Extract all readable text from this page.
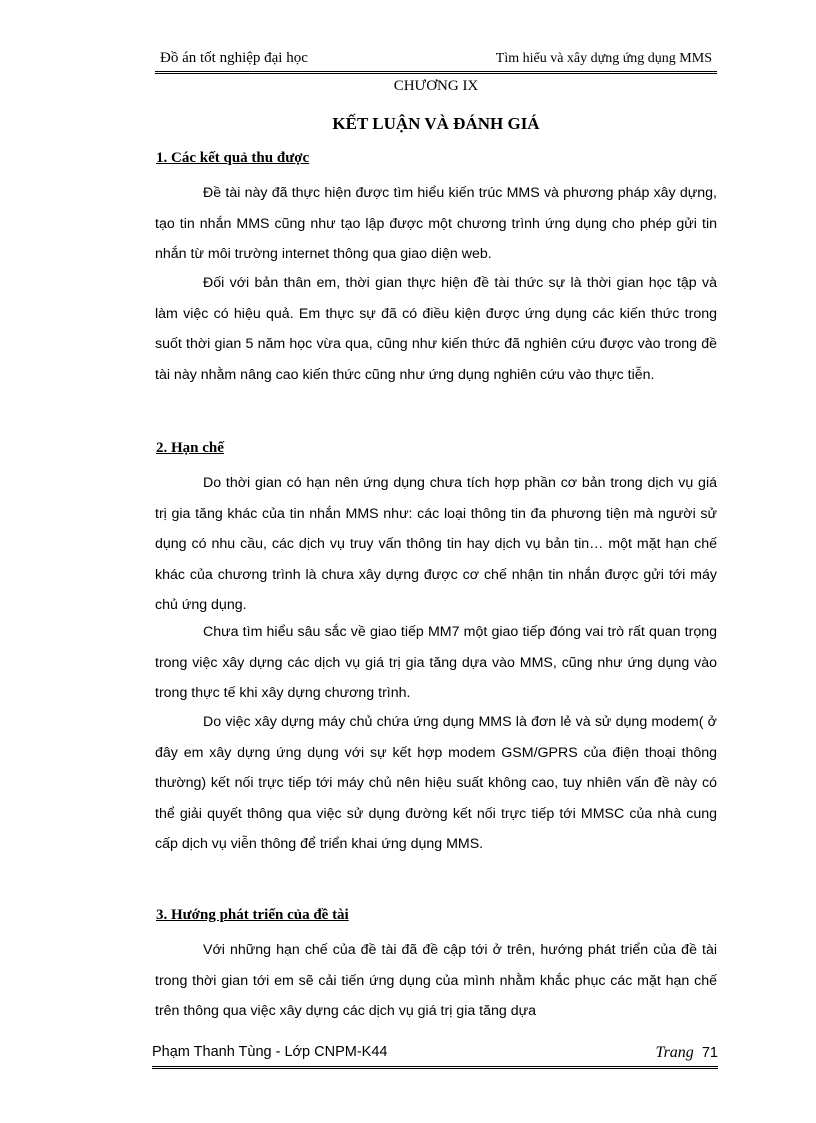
Đồ án tốt nghiệp đại học	Tìm hiểu và xây dựng ứng dụng MMS
CHƯƠNG IX
KẾT LUẬN VÀ ĐÁNH GIÁ
1. Các kết quả thu được

Đề tài này đã thực hiện được tìm hiểu kiến trúc MMS và phương pháp xây dựng, tạo tin nhắn MMS cũng như tạo lập được một chương trình ứng dụng cho phép gửi tin nhắn từ môi trường internet thông qua giao diện web.

Đối với bản thân em, thời gian thực hiện đề tài thức sự là thời gian học tập và làm việc có hiệu quả. Em thực sự đã có điều kiện được ứng dụng các kiến thức trong suốt thời gian 5 năm học vừa qua, cũng như kiến thức đã nghiên cứu được vào trong đề tài này nhằm nâng cao kiến thức cũng như ứng dụng nghiên cứu vào thực tiễn.

2. Hạn chế

Do thời gian có hạn nên ứng dụng chưa tích hợp phần cơ bản trong dịch vụ giá trị gia tăng khác của tin nhắn MMS như: các loại thông tin đa phương tiện mà người sử dụng có nhu cầu, các dịch vụ truy vấn thông tin hay dịch vụ bản tin… một mặt hạn chế khác của chương trình là chưa xây dựng được cơ chế nhận tin nhắn được gửi tới máy chủ ứng dụng.

Chưa tìm hiểu sâu sắc về giao tiếp MM7 một giao tiếp đóng vai trò rất quan trọng trong việc xây dựng các dịch vụ giá trị gia tăng dựa vào MMS, cũng như ứng dụng vào trong thực tế khi xây dựng chương trình.

Do việc xây dựng máy chủ chứa ứng dụng MMS là đơn lẻ và sử dụng modem( ở đây em xây dựng ứng dụng với sự kết hợp modem GSM/GPRS của điện thoại thông thường) kết nối trực tiếp tới máy chủ nên hiệu suất không cao, tuy nhiên vấn đề này có thể giải quyết thông qua việc sử dụng đường kết nối trực tiếp tới MMSC của nhà cung cấp dịch vụ viễn thông để triển khai ứng dụng MMS.

3. Hướng phát triển của đề tài

Với những hạn chế của đề tài đã đề cập tới ở trên, hướng phát triển của đề tài trong thời gian tới em sẽ cải tiến ứng dụng của mình nhằm khắc phục các mặt hạn chế trên thông qua việc xây dựng các dịch vụ giá trị gia tăng dựa

Phạm Thanh Tùng - Lớp CNPM-K44	Trang 71
